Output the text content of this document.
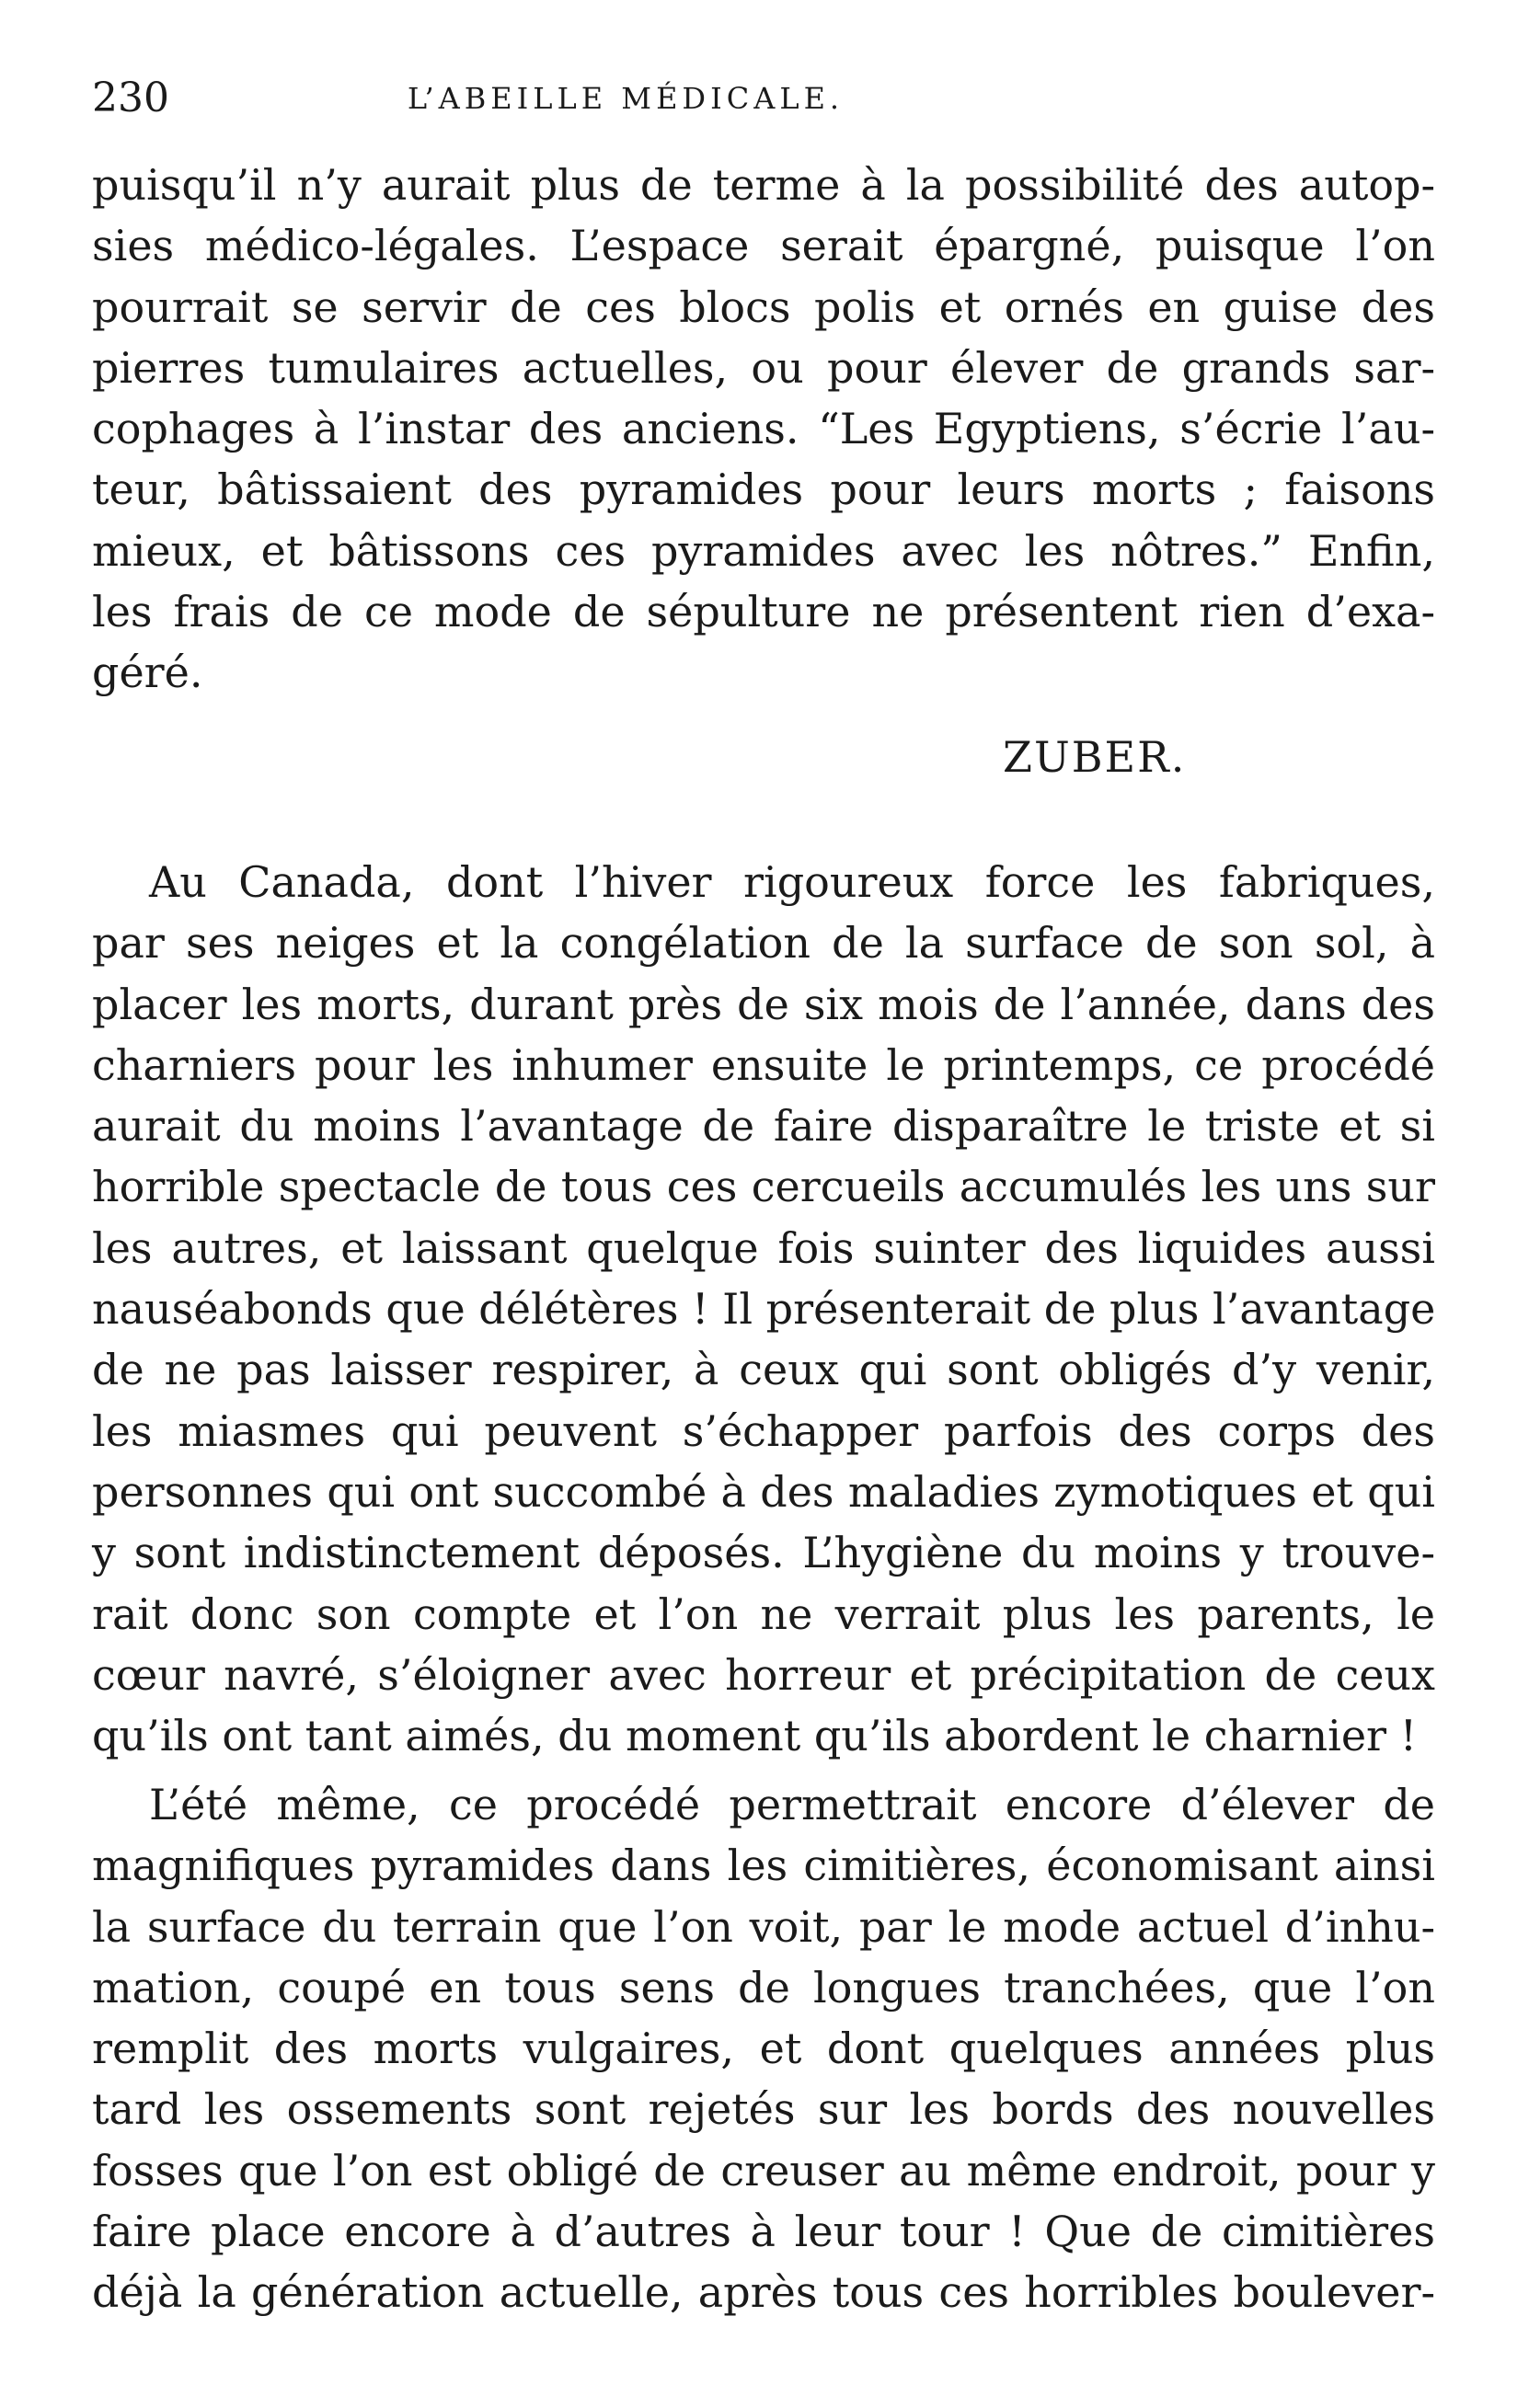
230	L’ABEILLE MÉDICALE.
puisqu’il n’y aurait plus de terme à la possibilité des autop-
sies médico-légales. L’espace serait épargné, puisque l’on
pourrait se servir de ces blocs polis et ornés en guise des
pierres tumulaires actuelles, ou pour élever de grands sar-
cophages à l’instar des anciens. “Les Egyptiens, s’écrie l’au-
teur, bâtissaient des pyramides pour leurs morts ; faisons
mieux, et bâtissons ces pyramides avec les nôtres.” Enfin,
les frais de ce mode de sépulture ne présentent rien d’exa-
géré.
ZUBER.
Au Canada, dont l’hiver rigoureux force les fabriques,
par ses neiges et la congélation de la surface de son sol, à
placer les morts, durant près de six mois de l’année, dans des
charniers pour les inhumer ensuite le printemps, ce procédé
aurait du moins l’avantage de faire disparaître le triste et si
horrible spectacle de tous ces cercueils accumulés les uns sur
les autres, et laissant quelque fois suinter des liquides aussi
nauséabonds que délétères ! Il présenterait de plus l’avantage
de ne pas laisser respirer, à ceux qui sont obligés d’y venir,
les miasmes qui peuvent s’échapper parfois des corps des
personnes qui ont succombé à des maladies zymotiques et qui
y sont indistinctement déposés. L’hygiène du moins y trouve-
rait donc son compte et l’on ne verrait plus les parents, le
cœur navré, s’éloigner avec horreur et précipitation de ceux
qu’ils ont tant aimés, du moment qu’ils abordent le charnier !
L’été même, ce procédé permettrait encore d’élever de
magnifiques pyramides dans les cimitières, économisant ainsi
la surface du terrain que l’on voit, par le mode actuel d’inhu-
mation, coupé en tous sens de longues tranchées, que l’on
remplit des morts vulgaires, et dont quelques années plus
tard les ossements sont rejetés sur les bords des nouvelles
fosses que l’on est obligé de creuser au même endroit, pour y
faire place encore à d’autres à leur tour ! Que de cimitières
déjà la génération actuelle, après tous ces horribles boulever-
